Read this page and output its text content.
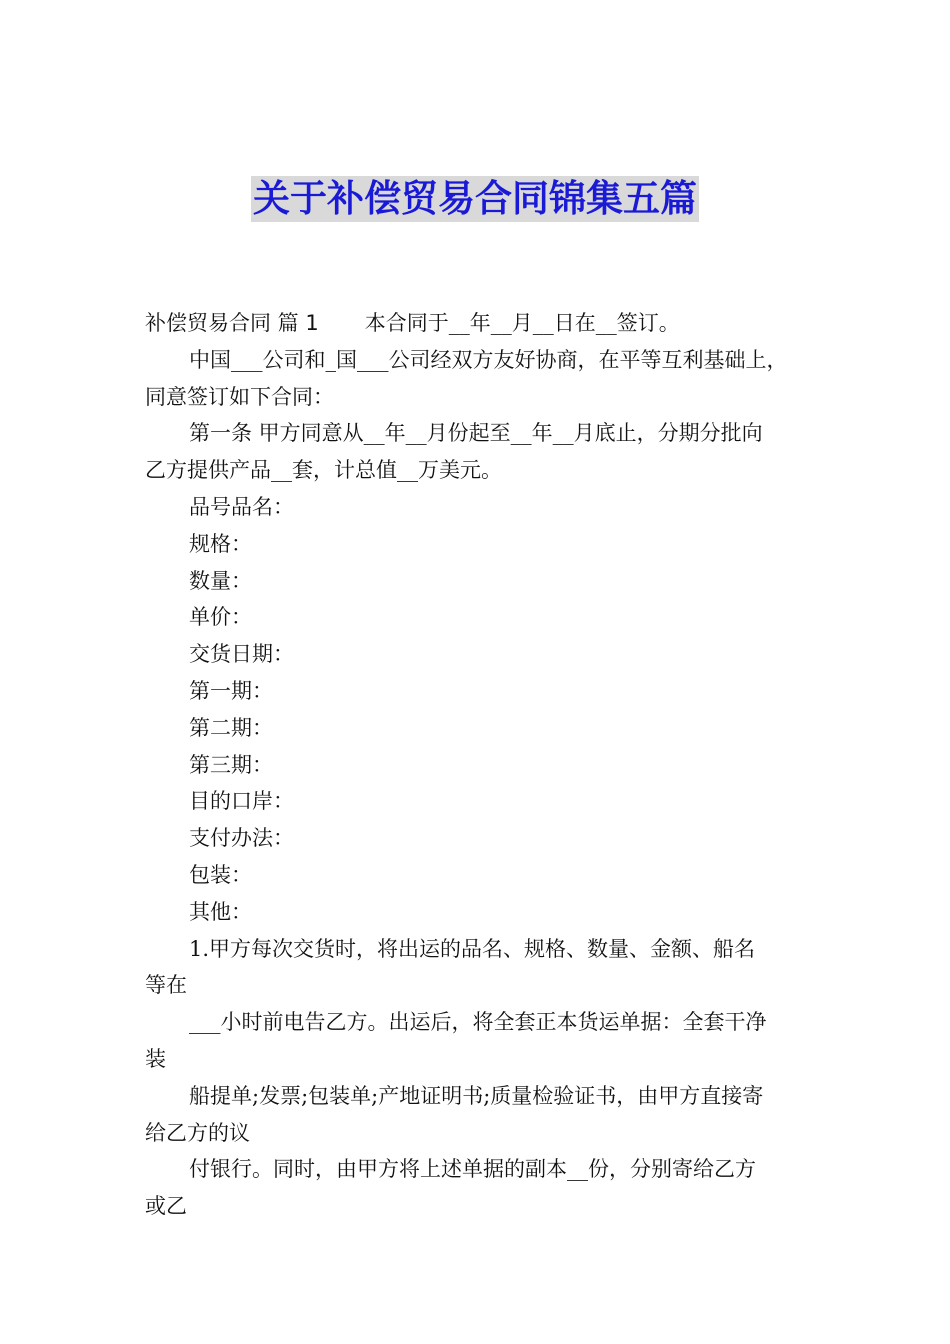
关于补偿贸易合同锦集五篇
补偿贸易合同 篇 1 本合同于__年__月__日在__签订。
中国___公司和_国___公司经双方友好协商，在平等互利基础上，
同意签订如下合同：
第一条 甲方同意从__年__月份起至__年__月底止，分期分批向
乙方提供产品__套，计总值__万美元。
品号品名：
规格：
数量：
单价：
交货日期：
第一期：
第二期：
第三期：
目的口岸：
支付办法：
包装：
其他：
1.甲方每次交货时，将出运的品名、规格、数量、金额、船名
等在
___小时前电告乙方。出运后，将全套正本货运单据：全套干净
装
船提单;发票;包装单;产地证明书;质量检验证书，由甲方直接寄
给乙方的议
付银行。同时，由甲方将上述单据的副本__份，分别寄给乙方
或乙
